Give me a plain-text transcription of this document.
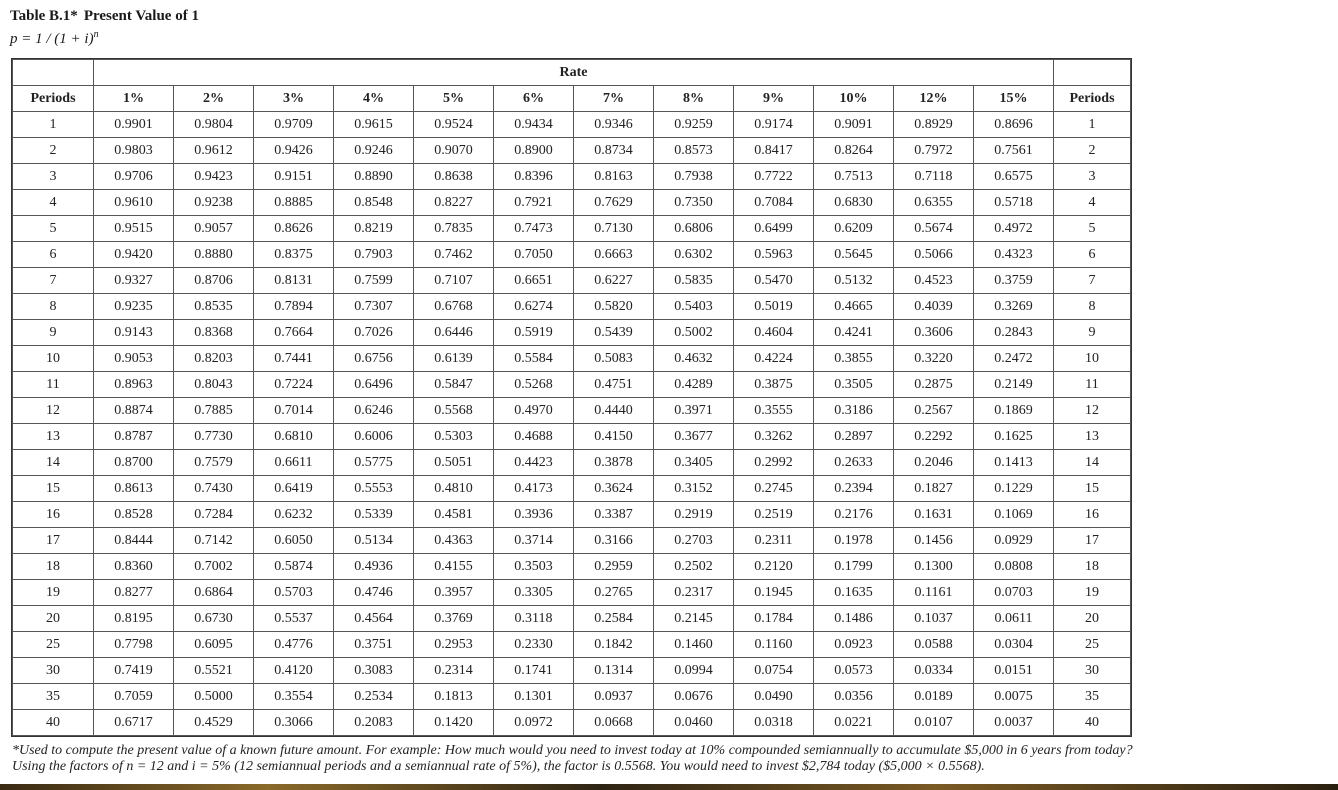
Table B.1* Present Value of 1
$p = 1 / (1 + i)^n$
	Rate												
Periods	1%	2%	3%	4%	5%	6%	7%	8%	9%	10%	12%	15%	Periods
1	0.9901	0.9804	0.9709	0.9615	0.9524	0.9434	0.9346	0.9259	0.9174	0.9091	0.8929	0.8696	1
2	0.9803	0.9612	0.9426	0.9246	0.9070	0.8900	0.8734	0.8573	0.8417	0.8264	0.7972	0.7561	2
3	0.9706	0.9423	0.9151	0.8890	0.8638	0.8396	0.8163	0.7938	0.7722	0.7513	0.7118	0.6575	3
4	0.9610	0.9238	0.8885	0.8548	0.8227	0.7921	0.7629	0.7350	0.7084	0.6830	0.6355	0.5718	4
5	0.9515	0.9057	0.8626	0.8219	0.7835	0.7473	0.7130	0.6806	0.6499	0.6209	0.5674	0.4972	5
6	0.9420	0.8880	0.8375	0.7903	0.7462	0.7050	0.6663	0.6302	0.5963	0.5645	0.5066	0.4323	6
7	0.9327	0.8706	0.8131	0.7599	0.7107	0.6651	0.6227	0.5835	0.5470	0.5132	0.4523	0.3759	7
8	0.9235	0.8535	0.7894	0.7307	0.6768	0.6274	0.5820	0.5403	0.5019	0.4665	0.4039	0.3269	8
9	0.9143	0.8368	0.7664	0.7026	0.6446	0.5919	0.5439	0.5002	0.4604	0.4241	0.3606	0.2843	9
10	0.9053	0.8203	0.7441	0.6756	0.6139	0.5584	0.5083	0.4632	0.4224	0.3855	0.3220	0.2472	10
11	0.8963	0.8043	0.7224	0.6496	0.5847	0.5268	0.4751	0.4289	0.3875	0.3505	0.2875	0.2149	11
12	0.8874	0.7885	0.7014	0.6246	0.5568	0.4970	0.4440	0.3971	0.3555	0.3186	0.2567	0.1869	12
13	0.8787	0.7730	0.6810	0.6006	0.5303	0.4688	0.4150	0.3677	0.3262	0.2897	0.2292	0.1625	13
14	0.8700	0.7579	0.6611	0.5775	0.5051	0.4423	0.3878	0.3405	0.2992	0.2633	0.2046	0.1413	14
15	0.8613	0.7430	0.6419	0.5553	0.4810	0.4173	0.3624	0.3152	0.2745	0.2394	0.1827	0.1229	15
16	0.8528	0.7284	0.6232	0.5339	0.4581	0.3936	0.3387	0.2919	0.2519	0.2176	0.1631	0.1069	16
17	0.8444	0.7142	0.6050	0.5134	0.4363	0.3714	0.3166	0.2703	0.2311	0.1978	0.1456	0.0929	17
18	0.8360	0.7002	0.5874	0.4936	0.4155	0.3503	0.2959	0.2502	0.2120	0.1799	0.1300	0.0808	18
19	0.8277	0.6864	0.5703	0.4746	0.3957	0.3305	0.2765	0.2317	0.1945	0.1635	0.1161	0.0703	19
20	0.8195	0.6730	0.5537	0.4564	0.3769	0.3118	0.2584	0.2145	0.1784	0.1486	0.1037	0.0611	20
25	0.7798	0.6095	0.4776	0.3751	0.2953	0.2330	0.1842	0.1460	0.1160	0.0923	0.0588	0.0304	25
30	0.7419	0.5521	0.4120	0.3083	0.2314	0.1741	0.1314	0.0994	0.0754	0.0573	0.0334	0.0151	30
35	0.7059	0.5000	0.3554	0.2534	0.1813	0.1301	0.0937	0.0676	0.0490	0.0356	0.0189	0.0075	35
40	0.6717	0.4529	0.3066	0.2083	0.1420	0.0972	0.0668	0.0460	0.0318	0.0221	0.0107	0.0037	40
*Used to compute the present value of a known future amount. For example: How much would you need to invest today at 10% compounded semiannually to accumulate $5,000 in 6 years from today?
Using the factors of n = 12 and i = 5% (12 semiannual periods and a semiannual rate of 5%), the factor is 0.5568. You would need to invest $2,784 today ($5,000 × 0.5568).
